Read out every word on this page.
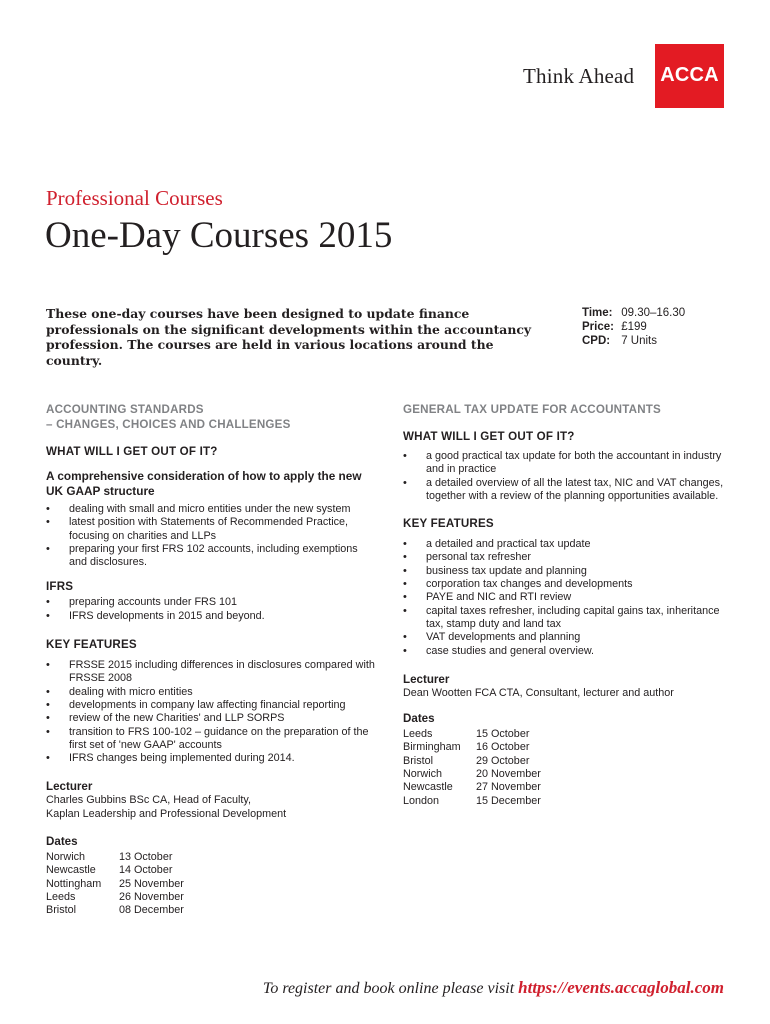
Think Ahead ACCA
Professional Courses
One-Day Courses 2015
These one-day courses have been designed to update finance professionals on the significant developments within the accountancy profession. The courses are held in various locations around the country.
Time: 09.30–16.30
Price: £199
CPD: 7 Units
ACCOUNTING STANDARDS
– CHANGES, CHOICES AND CHALLENGES
WHAT WILL I GET OUT OF IT?
A comprehensive consideration of how to apply the new UK GAAP structure
• dealing with small and micro entities under the new system
• latest position with Statements of Recommended Practice, focusing on charities and LLPs
• preparing your first FRS 102 accounts, including exemptions and disclosures.
IFRS
• preparing accounts under FRS 101
• IFRS developments in 2015 and beyond.
KEY FEATURES
• FRSSE 2015 including differences in disclosures compared with FRSSE 2008
• dealing with micro entities
• developments in company law affecting financial reporting
• review of the new Charities' and LLP SORPS
• transition to FRS 100-102 – guidance on the preparation of the first set of 'new GAAP' accounts
• IFRS changes being implemented during 2014.
Lecturer
Charles Gubbins BSc CA, Head of Faculty,
Kaplan Leadership and Professional Development
Dates
Norwich	13 October
Newcastle	14 October
Nottingham	25 November
Leeds	26 November
Bristol	08 December
GENERAL TAX UPDATE FOR ACCOUNTANTS
WHAT WILL I GET OUT OF IT?
• a good practical tax update for both the accountant in industry and in practice
• a detailed overview of all the latest tax, NIC and VAT changes, together with a review of the planning opportunities available.
KEY FEATURES
• a detailed and practical tax update
• personal tax refresher
• business tax update and planning
• corporation tax changes and developments
• PAYE and NIC and RTI review
• capital taxes refresher, including capital gains tax, inheritance tax, stamp duty and land tax
• VAT developments and planning
• case studies and general overview.
Lecturer
Dean Wootten FCA CTA, Consultant, lecturer and author
Dates
Leeds	15 October
Birmingham	16 October
Bristol	29 October
Norwich	20 November
Newcastle	27 November
London	15 December
To register and book online please visit https://events.accaglobal.com
